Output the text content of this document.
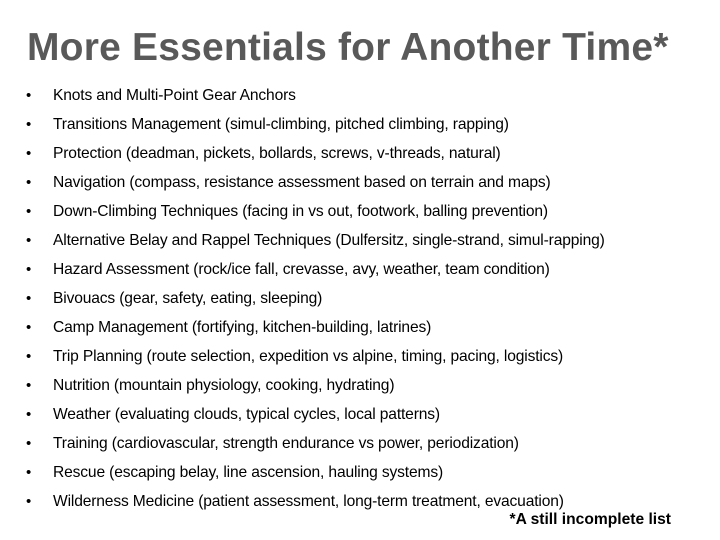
More Essentials for Another Time*
•	Knots and Multi-Point Gear Anchors
•	Transitions Management (simul-climbing, pitched climbing, rapping)
•	Protection (deadman, pickets, bollards, screws, v-threads, natural)
•	Navigation (compass, resistance assessment based on terrain and maps)
•	Down-Climbing Techniques (facing in vs out, footwork, balling prevention)
•	Alternative Belay and Rappel Techniques (Dulfersitz, single-strand, simul-rapping)
•	Hazard Assessment (rock/ice fall, crevasse, avy, weather, team condition)
•	Bivouacs (gear, safety, eating, sleeping)
•	Camp Management (fortifying, kitchen-building, latrines)
•	Trip Planning (route selection, expedition vs alpine, timing, pacing, logistics)
•	Nutrition (mountain physiology, cooking, hydrating)
•	Weather (evaluating clouds, typical cycles, local patterns)
•	Training (cardiovascular, strength endurance vs power, periodization)
•	Rescue (escaping belay, line ascension, hauling systems)
•	Wilderness Medicine (patient assessment, long-term treatment, evacuation)
*A still incomplete list
